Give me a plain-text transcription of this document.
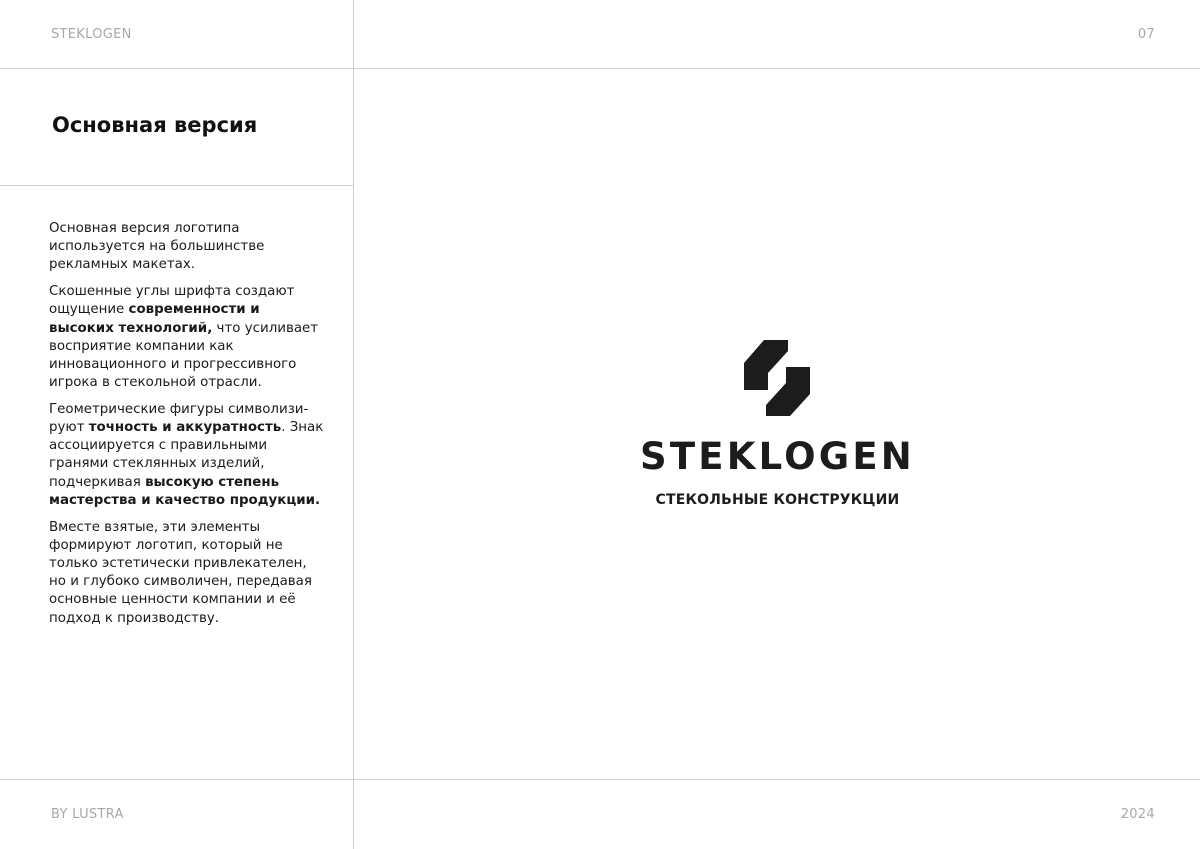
STEKLOGEN	07
BY LUSTRA	2024
Основная версия

Основная версия логотипа используется на большинстве рекламных макетах.

Скошенные углы шрифта создают ощущение современности и высоких технологий, что усиливает восприятие компании как инновационного и прогрессивного игрока в стекольной отрасли.

Геометрические фигуры символизируют точность и аккуратность. Знак ассоциируется с правильными гранями стеклянных изделий, подчеркивая высокую степень мастерства и качество продукции.

Вместе взятые, эти элементы формируют логотип, который не только эстетически привлекателен, но и глубоко символичен, передавая основные ценности компании и её подход к производству.

STEKLOGEN
СТЕКОЛЬНЫЕ КОНСТРУКЦИИ
